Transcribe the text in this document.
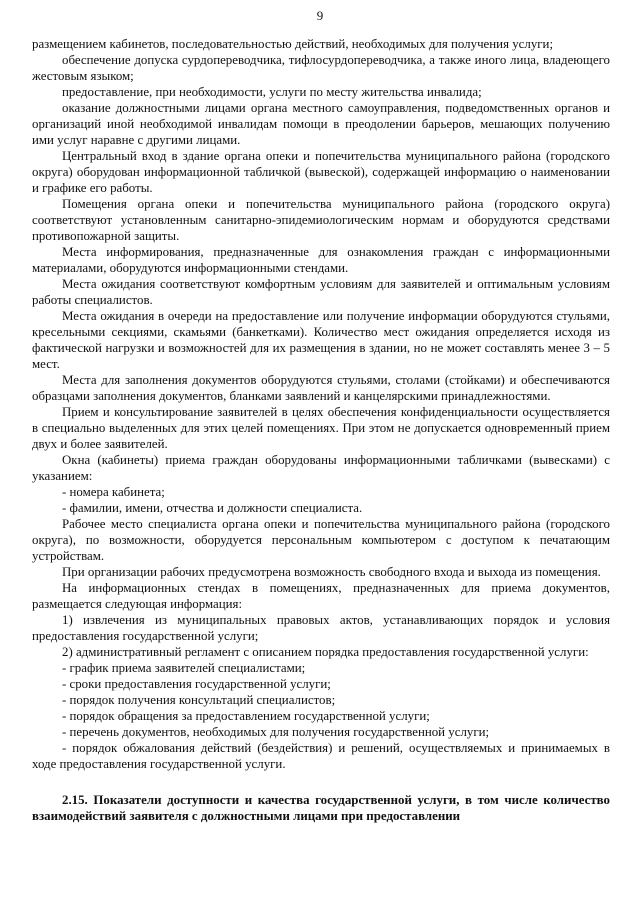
9

размещением кабинетов, последовательностью действий, необходимых для получения услуги;

обеспечение допуска сурдопереводчика, тифлосурдопереводчика, а также иного лица, владеющего жестовым языком;

предоставление, при необходимости, услуги по месту жительства инвалида;

оказание должностными лицами органа местного самоуправления, подведомственных органов и организаций иной необходимой инвалидам помощи в преодолении барьеров, мешающих получению ими услуг наравне с другими лицами.

Центральный вход в здание органа опеки и попечительства муниципального района (городского округа) оборудован информационной табличкой (вывеской), содержащей информацию о наименовании и графике его работы.

Помещения органа опеки и попечительства муниципального района (городского округа) соответствуют установленным санитарно-эпидемиологическим нормам и оборудуются средствами противопожарной защиты.

Места информирования, предназначенные для ознакомления граждан с информационными материалами, оборудуются информационными стендами.

Места ожидания соответствуют комфортным условиям для заявителей и оптимальным условиям работы специалистов.

Места ожидания в очереди на предоставление или получение информации оборудуются стульями, кресельными секциями, скамьями (банкетками). Количество мест ожидания определяется исходя из фактической нагрузки и возможностей для их размещения в здании, но не может составлять менее 3 – 5 мест.

Места для заполнения документов оборудуются стульями, столами (стойками) и обеспечиваются образцами заполнения документов, бланками заявлений и канцелярскими принадлежностями.

Прием и консультирование заявителей в целях обеспечения конфиденциальности осуществляется в специально выделенных для этих целей помещениях. При этом не допускается одновременный прием двух и более заявителей.

Окна (кабинеты) приема граждан оборудованы информационными табличками (вывесками) с указанием:

- номера кабинета;

- фамилии, имени, отчества и должности специалиста.

Рабочее место специалиста органа опеки и попечительства муниципального района (городского округа), по возможности, оборудуется персональным компьютером с доступом к печатающим устройствам.

При организации рабочих предусмотрена возможность свободного входа и выхода из помещения.

На информационных стендах в помещениях, предназначенных для приема документов, размещается следующая информация:

1) извлечения из муниципальных правовых актов, устанавливающих порядок и условия предоставления государственной услуги;

2) административный регламент с описанием порядка предоставления государственной услуги:

- график приема заявителей специалистами;

- сроки предоставления государственной услуги;

- порядок получения консультаций специалистов;

- порядок обращения за предоставлением государственной услуги;

- перечень документов, необходимых для получения государственной услуги;

- порядок обжалования действий (бездействия) и решений, осуществляемых и принимаемых в ходе предоставления государственной услуги.

2.15. Показатели доступности и качества государственной услуги, в том числе количество взаимодействий заявителя с должностными лицами при предоставлении
